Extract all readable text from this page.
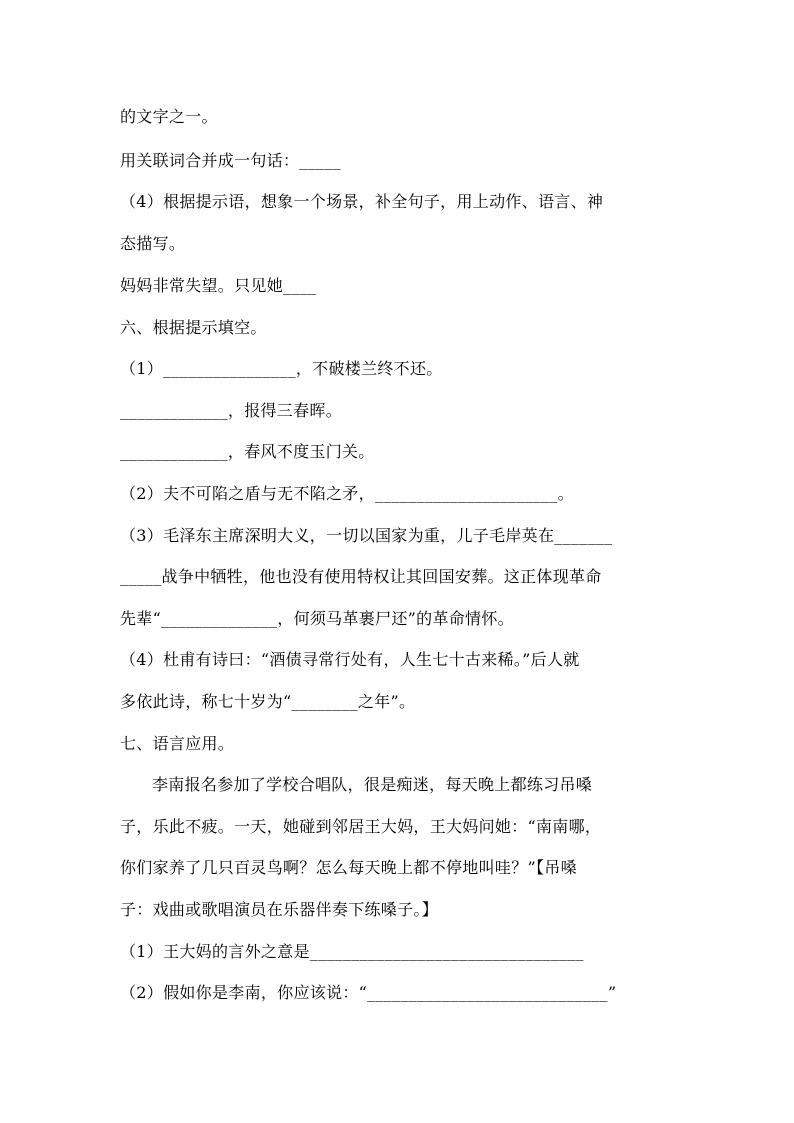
的文字之一。
用关联词合并成一句话：_____
（4）根据提示语，想象一个场景，补全句子，用上动作、语言、神
态描写。
妈妈非常失望。只见她____
六、根据提示填空。
（1）________________，不破楼兰终不还。
_____________，报得三春晖。
_____________，春风不度玉门关。
（2）夫不可陷之盾与无不陷之矛，______________________。
（3）毛泽东主席深明大义，一切以国家为重，儿子毛岸英在_______
_____战争中牺牲，他也没有使用特权让其回国安葬。这正体现革命
先辈“______________，何须马革裹尸还”的革命情怀。
（4）杜甫有诗曰：“酒债寻常行处有，人生七十古来稀。”后人就
多依此诗，称七十岁为“________之年”。
七、语言应用。
李南报名参加了学校合唱队，很是痴迷，每天晚上都练习吊嗓
子，乐此不疲。一天，她碰到邻居王大妈，王大妈问她：“南南哪，
你们家养了几只百灵鸟啊？怎么每天晚上都不停地叫哇？”【吊嗓
子：戏曲或歌唱演员在乐器伴奏下练嗓子。】
（1）王大妈的言外之意是_________________________________
（2）假如你是李南，你应该说：“_____________________________”
